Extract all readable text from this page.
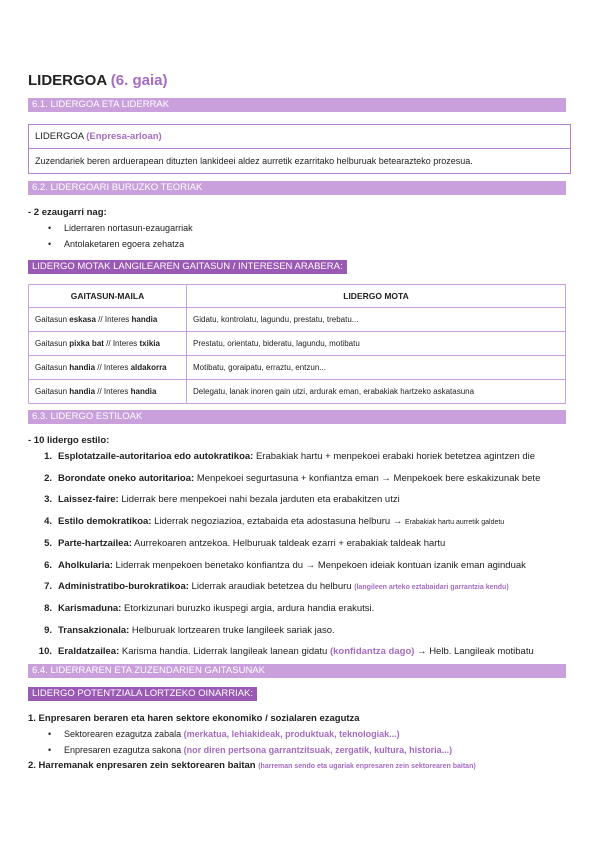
LIDERGOA (6. gaia)
6.1. LIDERGOA ETA LIDERRAK
LIDERGOA (Enpresa-arloan)
Zuzendariek beren arduerapean dituzten lankideei aldez aurretik ezarritako helburuak betearazteko prozesua.
6.2. LIDERGOARI BURUZKO TEORIAK
- 2 ezaugarri nag:
• Liderraren nortasun-ezaugarriak
• Antolaketaren egoera zehatza
LIDERGO MOTAK LANGILEAREN GAITASUN / INTERESEN ARABERA:
GAITASUN-MAILA	LIDERGO MOTA
Gaitasun eskasa // Interes handia	Gidatu, kontrolatu, lagundu, prestatu, trebatu...
Gaitasun pixka bat // Interes txikia	Prestatu, orientatu, bideratu, lagundu, motibatu
Gaitasun handia // Interes aldakorra	Motibatu, goraipatu, erraztu, entzun...
Gaitasun handia // Interes handia	Delegatu, lanak inoren gain utzi, ardurak eman, erabakiak hartzeko askatasuna
6.3. LIDERGO ESTILOAK
- 10 lidergo estilo:
1. Esplotatzaile-autoritarioa edo autokratikoa: Erabakiak hartu + menpekoei erabaki horiek betetzea agintzen die
2. Borondate oneko autoritarioa: Menpekoei segurtasuna + konfiantza eman → Menpekoek bere eskakizunak bete
3. Laissez-faire: Liderrak bere menpekoei nahi bezala jarduten eta erabakitzen utzi
4. Estilo demokratikoa: Liderrak negoziazioa, eztabaida eta adostasuna helburu → Erabakiak hartu aurretik galdetu
5. Parte-hartzailea: Aurrekoaren antzekoa. Helburuak taldeak ezarri + erabakiak taldeak hartu
6. Aholkularia: Liderrak menpekoen benetako konfiantza du → Menpekoen ideiak kontuan izanik eman aginduak
7. Administratibo-burokratikoa: Liderrak araudiak betetzea du helburu (langileen arteko eztabaidari garrantzia kendu)
8. Karismaduna: Etorkizunari buruzko ikuspegi argia, ardura handia erakutsi.
9. Transakzionala: Helburuak lortzearen truke langileek sariak jaso.
10. Eraldatzailea: Karisma handia. Liderrak langileak lanean gidatu (konfidantza dago) → Helb. Langileak motibatu
6.4. LIDERRAREN ETA ZUZENDARIEN GAITASUNAK
LIDERGO POTENTZIALA LORTZEKO OINARRIAK:
1. Enpresaren beraren eta haren sektore ekonomiko / sozialaren ezagutza
• Sektorearen ezagutza zabala (merkatua, lehiakideak, produktuak, teknologiak...)
• Enpresaren ezagutza sakona (nor diren pertsona garrantzitsuak, zergatik, kultura, historia...)
2. Harremanak enpresaren zein sektorearen baitan (harreman sendo eta ugariak enpresaren zein sektorearen baitan)
